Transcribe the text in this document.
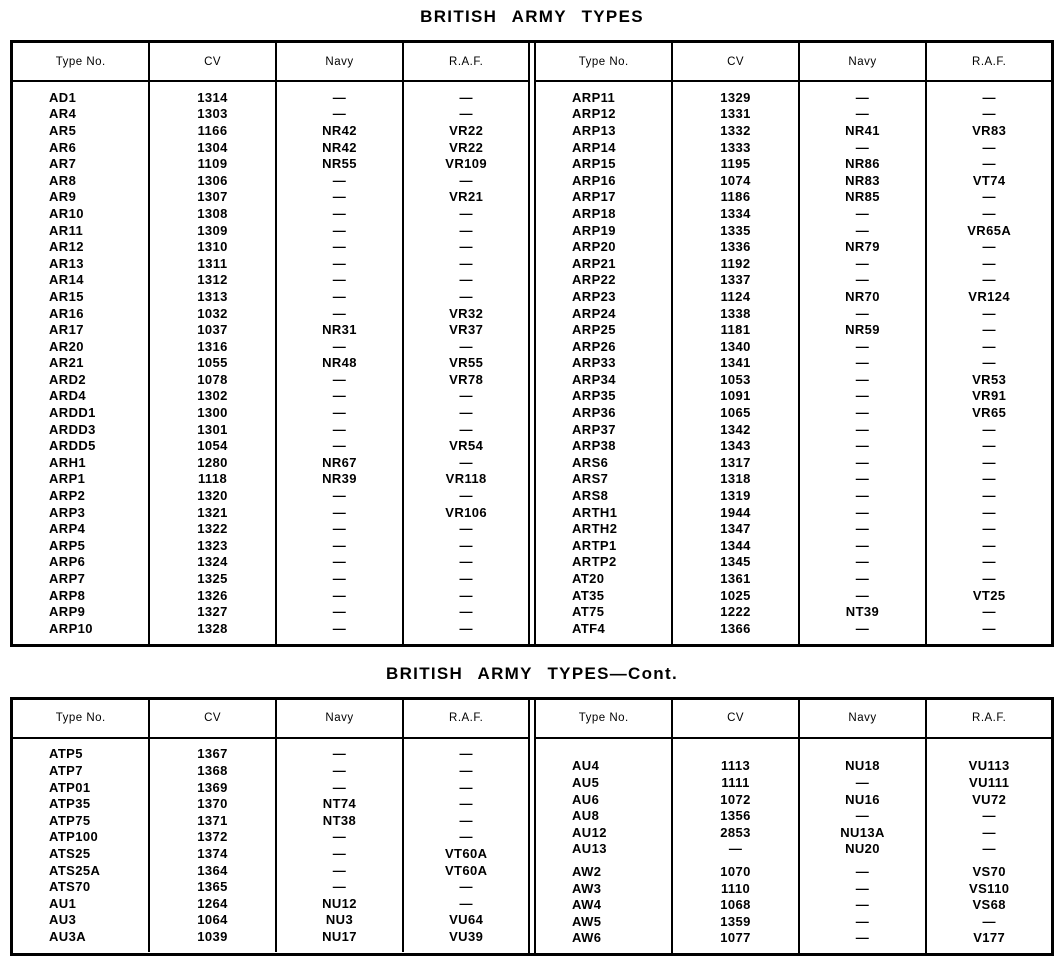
BRITISH ARMY TYPES
Type No.	CV	Navy	R.A.F.
AD1	1314	—	—
AR4	1303	—	—
AR5	1166	NR42	VR22
AR6	1304	NR42	VR22
AR7	1109	NR55	VR109
AR8	1306	—	—
AR9	1307	—	VR21
AR10	1308	—	—
AR11	1309	—	—
AR12	1310	—	—
AR13	1311	—	—
AR14	1312	—	—
AR15	1313	—	—
AR16	1032	—	VR32
AR17	1037	NR31	VR37
AR20	1316	—	—
AR21	1055	NR48	VR55
ARD2	1078	—	VR78
ARD4	1302	—	—
ARDD1	1300	—	—
ARDD3	1301	—	—
ARDD5	1054	—	VR54
ARH1	1280	NR67	—
ARP1	1118	NR39	VR118
ARP2	1320	—	—
ARP3	1321	—	VR106
ARP4	1322	—	—
ARP5	1323	—	—
ARP6	1324	—	—
ARP7	1325	—	—
ARP8	1326	—	—
ARP9	1327	—	—
ARP10	1328	—	—
Type No.	CV	Navy	R.A.F.
ARP11	1329	—	—
ARP12	1331	—	—
ARP13	1332	NR41	VR83
ARP14	1333	—	—
ARP15	1195	NR86	—
ARP16	1074	NR83	VT74
ARP17	1186	NR85	—
ARP18	1334	—	—
ARP19	1335	—	VR65A
ARP20	1336	NR79	—
ARP21	1192	—	—
ARP22	1337	—	—
ARP23	1124	NR70	VR124
ARP24	1338	—	—
ARP25	1181	NR59	—
ARP26	1340	—	—
ARP33	1341	—	—
ARP34	1053	—	VR53
ARP35	1091	—	VR91
ARP36	1065	—	VR65
ARP37	1342	—	—
ARP38	1343	—	—
ARS6	1317	—	—
ARS7	1318	—	—
ARS8	1319	—	—
ARTH1	1944	—	—
ARTH2	1347	—	—
ARTP1	1344	—	—
ARTP2	1345	—	—
AT20	1361	—	—
AT35	1025	—	VT25
AT75	1222	NT39	—
ATF4	1366	—	—
BRITISH ARMY TYPES—Cont.
Type No.	CV	Navy	R.A.F.
ATP5	1367	—	—
ATP7	1368	—	—
ATP01	1369	—	—
ATP35	1370	NT74	—
ATP75	1371	NT38	—
ATP100	1372	—	—
ATS25	1374	—	VT60A
ATS25A	1364	—	VT60A
ATS70	1365	—	—
AU1	1264	NU12	—
AU3	1064	NU3	VU64
AU3A	1039	NU17	VU39
Type No.	CV	Navy	R.A.F.
AU4	1113	NU18	VU113
AU5	1111	—	VU111
AU6	1072	NU16	VU72
AU8	1356	—	—
AU12	2853	NU13A	—
AU13	—	NU20	—
AW2	1070	—	VS70
AW3	1110	—	VS110
AW4	1068	—	VS68
AW5	1359	—	—
AW6	1077	—	V177
